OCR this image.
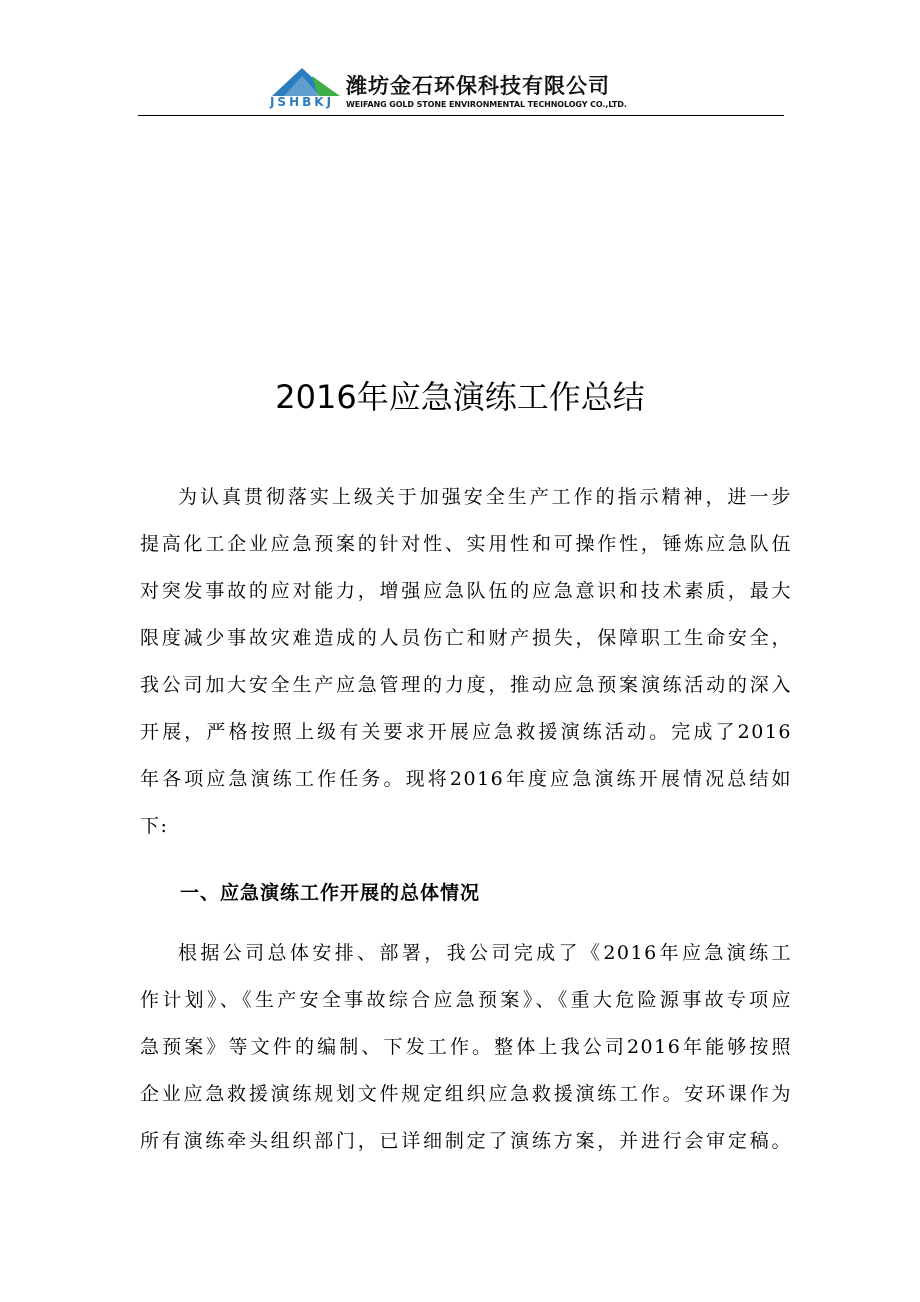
JSHBKJ
潍坊金石环保科技有限公司
WEIFANG GOLD STONE ENVIRONMENTAL TECHNOLOGY CO.,LTD.
2016年应急演练工作总结
为认真贯彻落实上级关于加强安全生产工作的指示精神，进一步
提高化工企业应急预案的针对性、实用性和可操作性，锤炼应急队伍
对突发事故的应对能力，增强应急队伍的应急意识和技术素质，最大
限度减少事故灾难造成的人员伤亡和财产损失，保障职工生命安全，
我公司加大安全生产应急管理的力度，推动应急预案演练活动的深入
开展，严格按照上级有关要求开展应急救援演练活动。完成了2016
年各项应急演练工作任务。现将2016年度应急演练开展情况总结如
下:
一、应急演练工作开展的总体情况
根据公司总体安排、部署，我公司完成了《2016年应急演练工
作计划》、《生产安全事故综合应急预案》、《重大危险源事故专项应
急预案》等文件的编制、下发工作。整体上我公司2016年能够按照
企业应急救援演练规划文件规定组织应急救援演练工作。安环课作为
所有演练牵头组织部门，已详细制定了演练方案，并进行会审定稿。
